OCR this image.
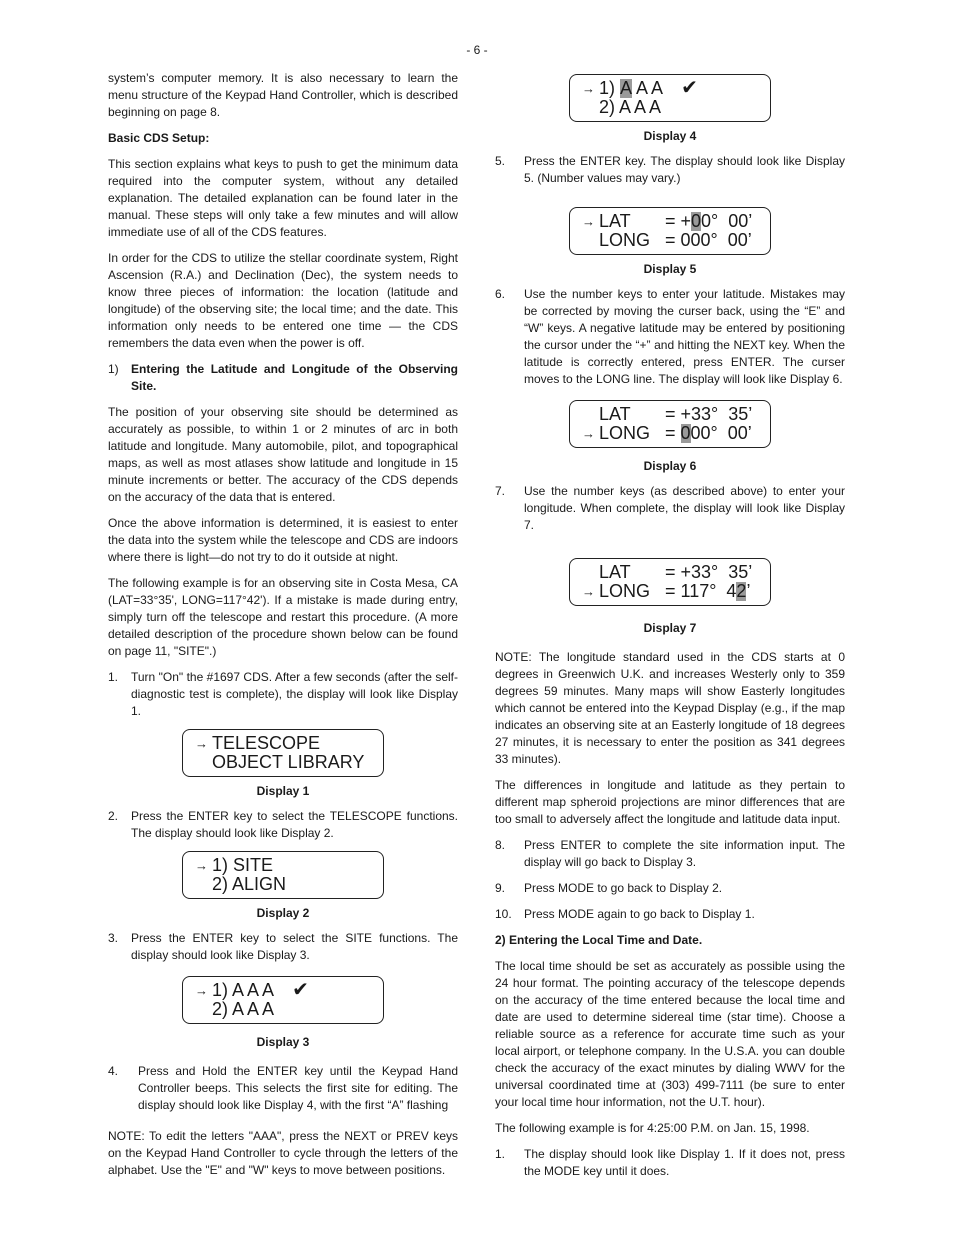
- 6 -

system’s computer memory. It is also necessary to learn the menu structure of the Keypad Hand Controller, which is described beginning on page 8.

Basic CDS Setup:

This section explains what keys to push to get the minimum data required into the computer system, without any detailed explanation. The detailed explanation can be found later in the manual. These steps will only take a few minutes and will allow immediate use of all of the CDS features.

In order for the CDS to utilize the stellar coordinate system, Right Ascension (R.A.) and Declination (Dec), the system needs to know three pieces of information: the location (latitude and longitude) of the observing site; the local time; and the date. This information only needs to be entered one time — the CDS remembers the data even when the power is off.

1)	Entering the Latitude and Longitude of the Observing Site.

The position of your observing site should be determined as accurately as possible, to within 1 or 2 minutes of arc in both latitude and longitude. Many automobile, pilot, and topographical maps, as well as most atlases show latitude and longitude in 15 minute increments or better. The accuracy of the CDS depends on the accuracy of the data that is entered.

Once the above information is determined, it is easiest to enter the data into the system while the telescope and CDS are indoors where there is light—do not try to do it outside at night.

The following example is for an observing site in Costa Mesa, CA (LAT=33°35', LONG=117°42'). If a mistake is made during entry, simply turn off the telescope and restart this procedure. (A more detailed description of the procedure shown below can be found on page 11, "SITE".)

1.	Turn "On" the #1697 CDS. After a few seconds (after the self-diagnostic test is complete), the display will look like Display 1.
→ TELESCOPE
OBJECT LIBRARY
Display 1
2.	Press the ENTER key to select the TELESCOPE functions. The display should look like Display 2.
→ 1) SITE
2) ALIGN
Display 2
3.	Press the ENTER key to select the SITE functions. The display should look like Display 3.
→ 1) A A A ✔
2) A A A
Display 3
4.	Press and Hold the ENTER key until the Keypad Hand Controller beeps. This selects the first site for editing. The display should look like Display 4, with the first “A” flashing

NOTE: To edit the letters "AAA", press the NEXT or PREV keys on the Keypad Hand Controller to cycle through the letters of the alphabet. Use the "E" and "W" keys to move between positions.

→ 1) A A A ✔
2) A A A
Display 4
5.	Press the ENTER key. The display should look like Display 5. (Number values may vary.)
→ LAT	= + 0 0°  00’
LONG = 000°  00’
Display 5
6.	Use the number keys to enter your latitude. Mistakes may be corrected by moving the curser back, using the “E” and “W” keys. A negative latitude may be entered by positioning the cursor under the “+” and hitting the NEXT key. When the latitude is correctly entered, press ENTER. The curser moves to the LONG line. The display will look like Display 6.
LAT	= +33°  35’
→ LONG = 0 00°  00’
Display 6
7.	Use the number keys (as described above) to enter your longitude. When complete, the display will look like Display 7.
LAT	= +33°  35’
→ LONG = 117°  4 2 ’
Display 7

NOTE: The longitude standard used in the CDS starts at 0 degrees in Greenwich U.K. and increases Westerly only to 359 degrees 59 minutes. Many maps will show Easterly longitudes which cannot be entered into the Keypad Display (e.g., if the map indicates an observing site at an Easterly longitude of 18 degrees 27 minutes, it is necessary to enter the position as 341 degrees 33 minutes).

The differences in longitude and latitude as they pertain to different map spheroid projections are minor differences that are too small to adversely affect the longitude and latitude data input.

8.	Press ENTER to complete the site information input. The display will go back to Display 3.
9.	Press MODE to go back to Display 2.
10.	Press MODE again to go back to Display 1.
2) Entering the Local Time and Date.

The local time should be set as accurately as possible using the 24 hour format. The pointing accuracy of the telescope depends on the accuracy of the time entered because the local time and date are used to determine sidereal time (star time). Choose a reliable source as a reference for accurate time such as your local airport, or telephone company. In the U.S.A. you can double check the accuracy of the exact minutes by dialing WWV for the universal coordinated time at (303) 499-7111 (be sure to enter your local time hour information, not the U.T. hour).

The following example is for 4:25:00 P.M. on Jan. 15, 1998.

1.	The display should look like Display 1. If it does not, press the MODE key until it does.
